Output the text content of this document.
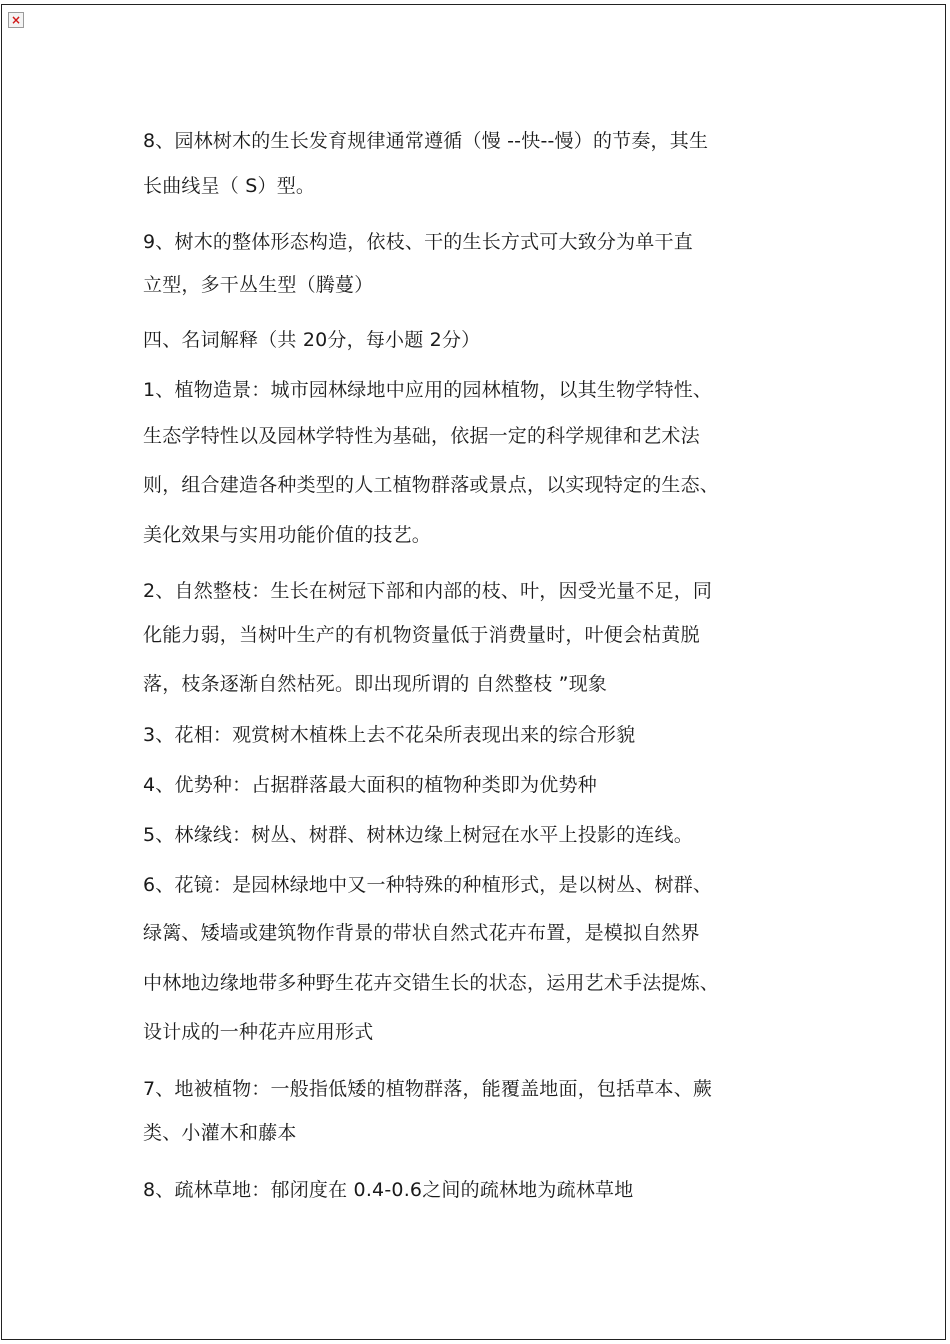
×

8、园林树木的生长发育规律通常遵循（慢 --快--慢）的节奏，其生

长曲线呈（ S）型。

9、树木的整体形态构造，依枝、干的生长方式可大致分为单干直

立型，多干丛生型（腾蔓）

四、名词解释（共 20分，每小题 2分）

1、植物造景：城市园林绿地中应用的园林植物，以其生物学特性、

生态学特性以及园林学特性为基础，依据一定的科学规律和艺术法

则，组合建造各种类型的人工植物群落或景点，以实现特定的生态、

美化效果与实用功能价值的技艺。

2、自然整枝：生长在树冠下部和内部的枝、叶，因受光量不足，同

化能力弱，当树叶生产的有机物资量低于消费量时，叶便会枯黄脱

落，枝条逐渐自然枯死。即出现所谓的 自然整枝 ”现象

3、花相：观赏树木植株上去不花朵所表现出来的综合形貌

4、优势种：占据群落最大面积的植物种类即为优势种

5、林缘线：树丛、树群、树林边缘上树冠在水平上投影的连线。

6、花镜：是园林绿地中又一种特殊的种植形式，是以树丛、树群、

绿篱、矮墙或建筑物作背景的带状自然式花卉布置，是模拟自然界

中林地边缘地带多种野生花卉交错生长的状态，运用艺术手法提炼、

设计成的一种花卉应用形式

7、地被植物：一般指低矮的植物群落，能覆盖地面，包括草本、蕨

类、小灌木和藤本

8、疏林草地：郁闭度在 0.4-0.6之间的疏林地为疏林草地
